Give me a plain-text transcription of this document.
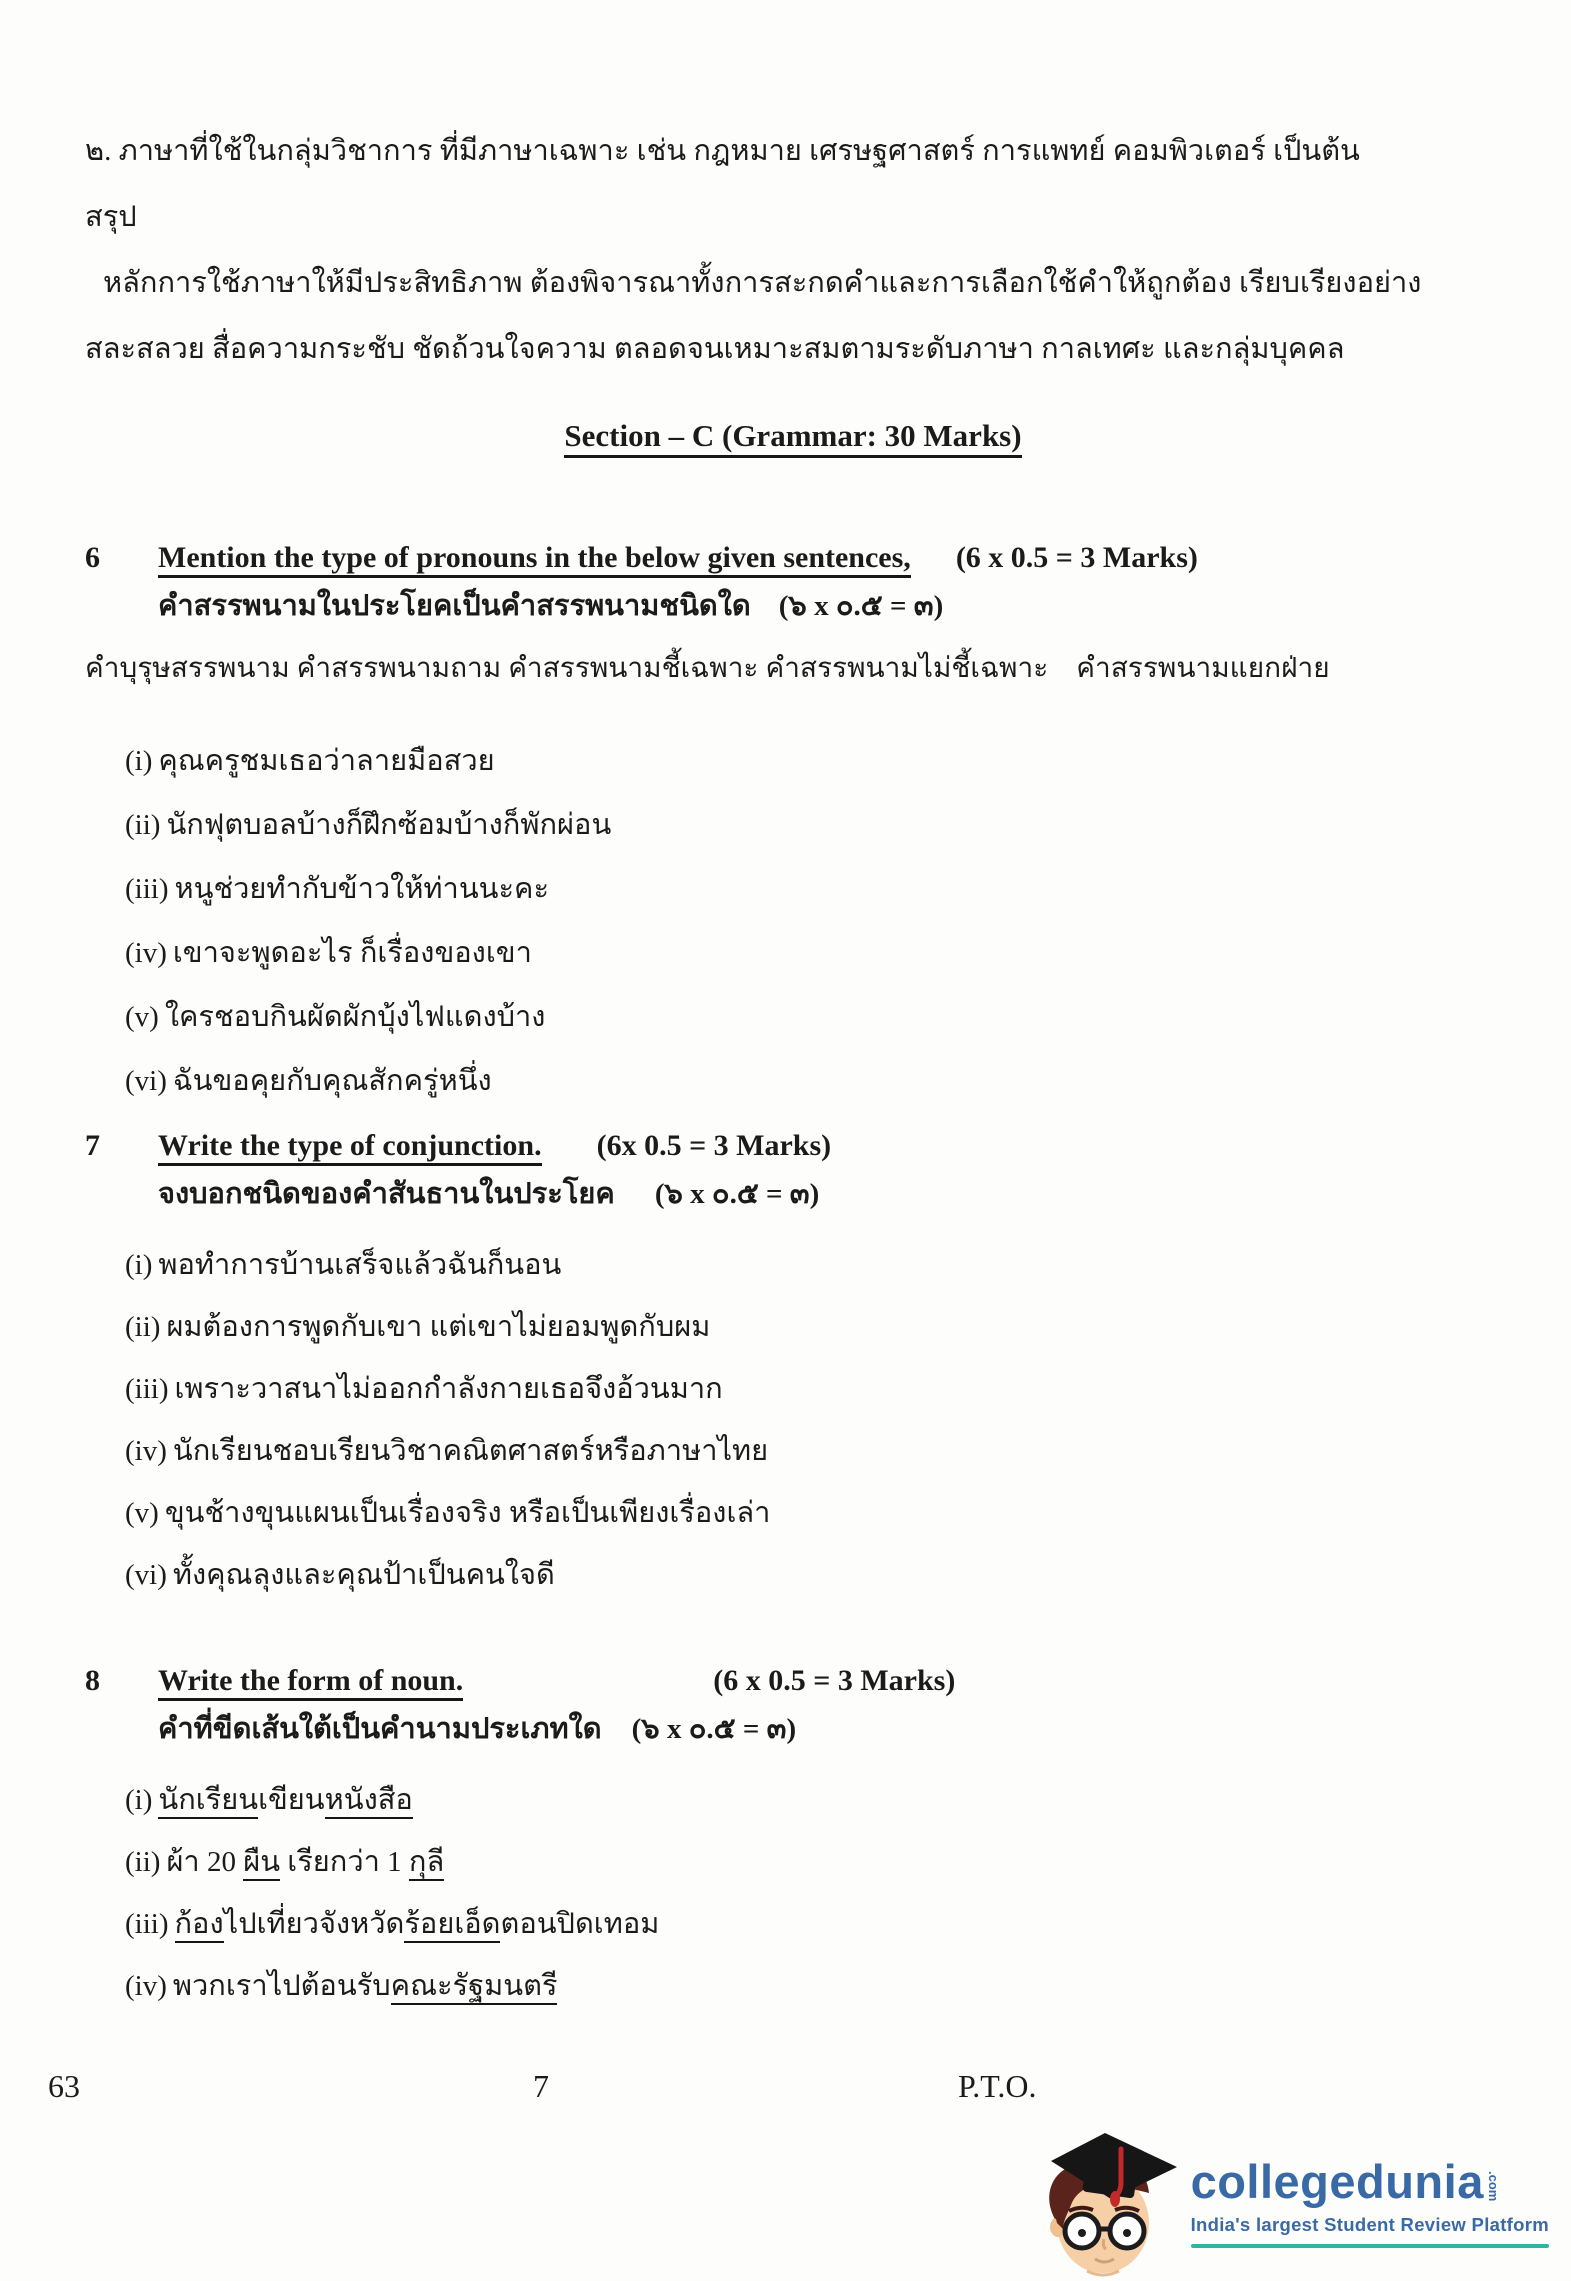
๒. ภาษาที่ใช้ในกลุ่มวิชาการ ที่มีภาษาเฉพาะ เช่น กฎหมาย เศรษฐศาสตร์ การแพทย์ คอมพิวเตอร์ เป็นต้น

สรุป

หลักการใช้ภาษาให้มีประสิทธิภาพ ต้องพิจารณาทั้งการสะกดคำและการเลือกใช้คำให้ถูกต้อง เรียบเรียงอย่าง

สละสลวย สื่อความกระชับ ชัดถ้วนใจความ ตลอดจนเหมาะสมตามระดับภาษา กาลเทศะ และกลุ่มบุคคล

Section – C (Grammar: 30 Marks)
6 Mention the type of pronouns in the below given sentences, (6 x 0.5 = 3 Marks)
คำสรรพนามในประโยคเป็นคำสรรพนามชนิดใด (๖ x ๐.๕ = ๓)

คำบุรุษสรรพนาม คำสรรพนามถาม คำสรรพนามชี้เฉพาะ คำสรรพนามไม่ชี้เฉพาะ    คำสรรพนามแยกฝ่าย

(i) คุณครูชมเธอว่าลายมือสวย
(ii) นักฟุตบอลบ้างก็ฝึกซ้อมบ้างก็พักผ่อน
(iii) หนูช่วยทำกับข้าวให้ท่านนะคะ
(iv) เขาจะพูดอะไร ก็เรื่องของเขา
(v) ใครชอบกินผัดผักบุ้งไฟแดงบ้าง
(vi) ฉันขอคุยกับคุณสักครู่หนึ่ง
7 Write the type of conjunction. (6x 0.5 = 3 Marks)
จงบอกชนิดของคำสันธานในประโยค (๖ x ๐.๕ = ๓)
(i) พอทำการบ้านเสร็จแล้วฉันก็นอน
(ii) ผมต้องการพูดกับเขา แต่เขาไม่ยอมพูดกับผม
(iii) เพราะวาสนาไม่ออกกำลังกายเธอจึงอ้วนมาก
(iv) นักเรียนชอบเรียนวิชาคณิตศาสตร์หรือภาษาไทย
(v) ขุนช้างขุนแผนเป็นเรื่องจริง หรือเป็นเพียงเรื่องเล่า
(vi) ทั้งคุณลุงและคุณป้าเป็นคนใจดี
8 Write the form of noun.	(6 x 0.5 = 3 Marks)
คำที่ขีดเส้นใต้เป็นคำนามประเภทใด (๖ x ๐.๕ = ๓)
(i) นักเรียนเขียนหนังสือ
(ii) ผ้า 20 ผืน เรียกว่า 1 กุลี
(iii) ก้องไปเที่ยวจังหวัดร้อยเอ็ดตอนปิดเทอม
(iv) พวกเราไปต้อนรับคณะรัฐมนตรี
63	7	P.T.O.
collegedunia .com
India's largest Student Review Platform
